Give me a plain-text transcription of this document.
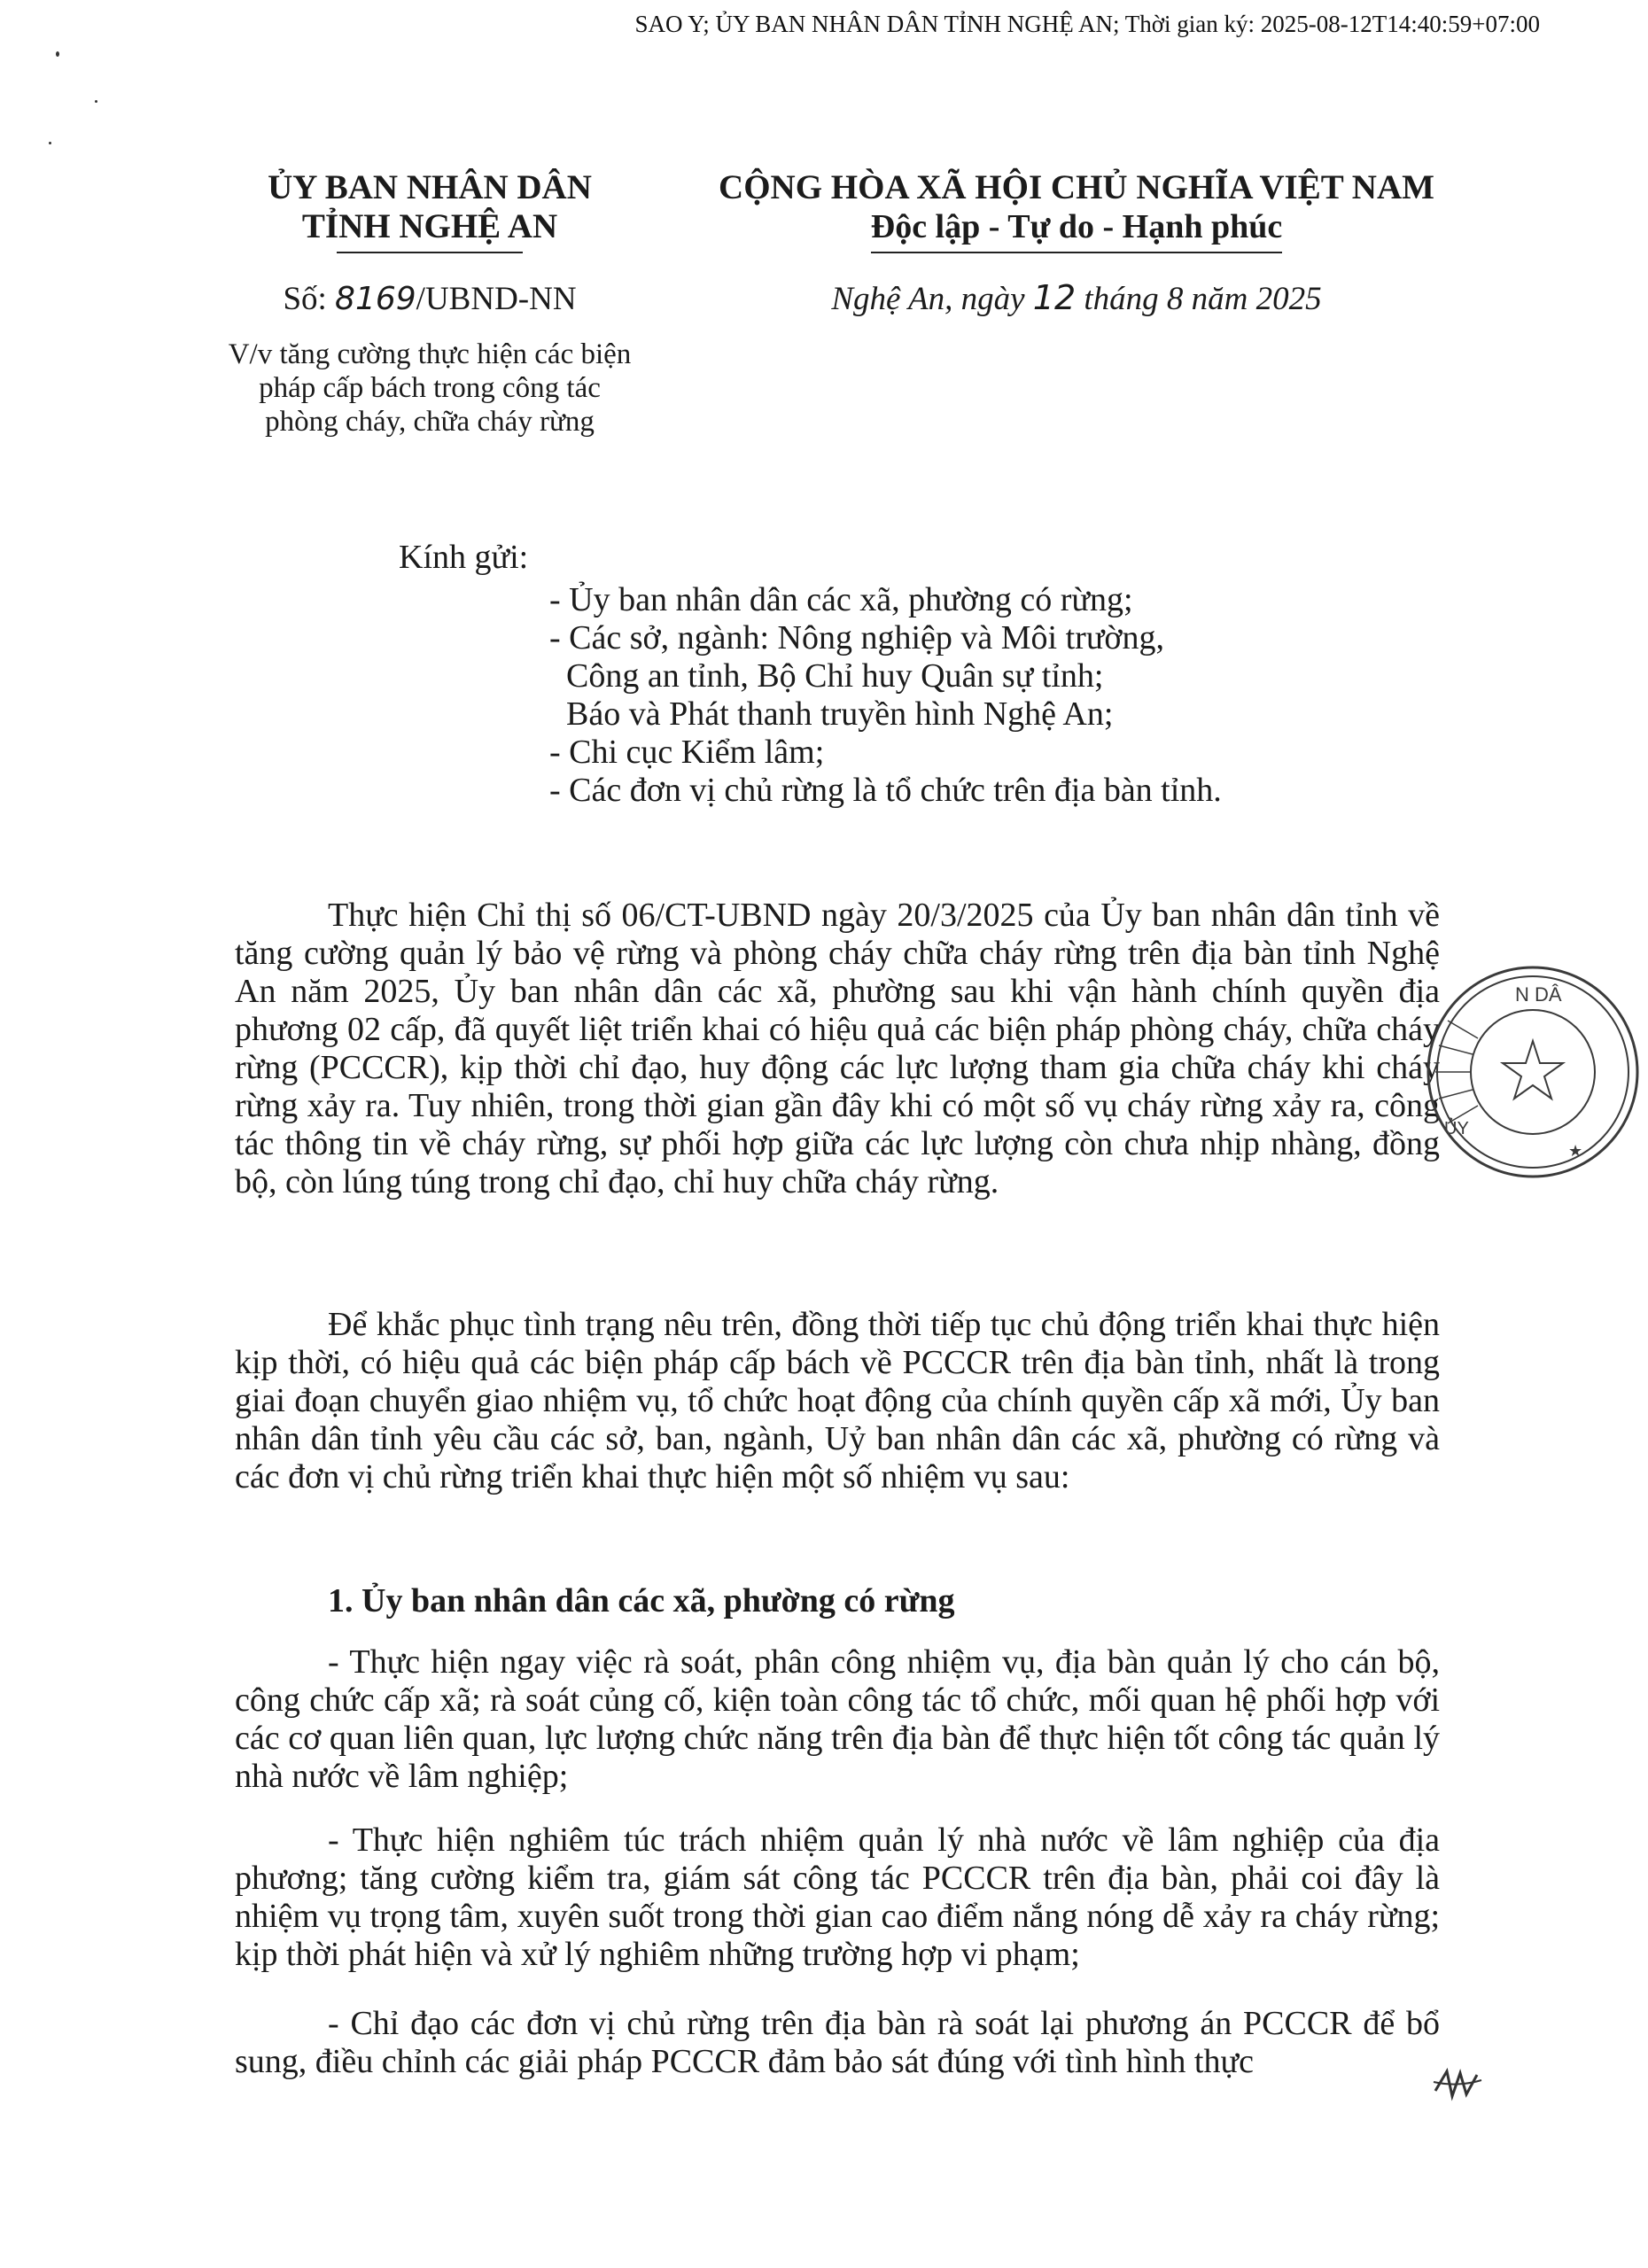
SAO Y; ỦY BAN NHÂN DÂN TỈNH NGHỆ AN; Thời gian ký: 2025-08-12T14:40:59+07:00
ỦY BAN NHÂN DÂN
TỈNH NGHỆ AN
Số: 8169/UBND-NN
V/v tăng cường thực hiện các biện
pháp cấp bách trong công tác
phòng cháy, chữa cháy rừng
CỘNG HÒA XÃ HỘI CHỦ NGHĨA VIỆT NAM
Độc lập - Tự do - Hạnh phúc
Nghệ An, ngày 12 tháng 8 năm 2025
Kính gửi:
- Ủy ban nhân dân các xã, phường có rừng;
- Các sở, ngành: Nông nghiệp và Môi trường,
Công an tỉnh, Bộ Chỉ huy Quân sự tỉnh;
Báo và Phát thanh truyền hình Nghệ An;
- Chi cục Kiểm lâm;
- Các đơn vị chủ rừng là tổ chức trên địa bàn tỉnh.

Thực hiện Chỉ thị số 06/CT-UBND ngày 20/3/2025 của Ủy ban nhân dân tỉnh về tăng cường quản lý bảo vệ rừng và phòng cháy chữa cháy rừng trên địa bàn tỉnh Nghệ An năm 2025, Ủy ban nhân dân các xã, phường sau khi vận hành chính quyền địa phương 02 cấp, đã quyết liệt triển khai có hiệu quả các biện pháp phòng cháy, chữa cháy rừng (PCCCR), kịp thời chỉ đạo, huy động các lực lượng tham gia chữa cháy khi cháy rừng xảy ra. Tuy nhiên, trong thời gian gần đây khi có một số vụ cháy rừng xảy ra, công tác thông tin về cháy rừng, sự phối hợp giữa các lực lượng còn chưa nhịp nhàng, đồng bộ, còn lúng túng trong chỉ đạo, chỉ huy chữa cháy rừng.

Để khắc phục tình trạng nêu trên, đồng thời tiếp tục chủ động triển khai thực hiện kịp thời, có hiệu quả các biện pháp cấp bách về PCCCR trên địa bàn tỉnh, nhất là trong giai đoạn chuyển giao nhiệm vụ, tổ chức hoạt động của chính quyền cấp xã mới, Ủy ban nhân dân tỉnh yêu cầu các sở, ban, ngành, Uỷ ban nhân dân các xã, phường có rừng và các đơn vị chủ rừng triển khai thực hiện một số nhiệm vụ sau:

1. Ủy ban nhân dân các xã, phường có rừng

- Thực hiện ngay việc rà soát, phân công nhiệm vụ, địa bàn quản lý cho cán bộ, công chức cấp xã; rà soát củng cố, kiện toàn công tác tổ chức, mối quan hệ phối hợp với các cơ quan liên quan, lực lượng chức năng trên địa bàn để thực hiện tốt công tác quản lý nhà nước về lâm nghiệp;

- Thực hiện nghiêm túc trách nhiệm quản lý nhà nước về lâm nghiệp của địa phương; tăng cường kiểm tra, giám sát công tác PCCCR trên địa bàn, phải coi đây là nhiệm vụ trọng tâm, xuyên suốt trong thời gian cao điểm nắng nóng dễ xảy ra cháy rừng; kịp thời phát hiện và xử lý nghiêm những trường hợp vi phạm;

- Chỉ đạo các đơn vị chủ rừng trên địa bàn rà soát lại phương án PCCCR để bổ sung, điều chỉnh các giải pháp PCCCR đảm bảo sát đúng với tình hình thực

N DÂ
ỦY
★
